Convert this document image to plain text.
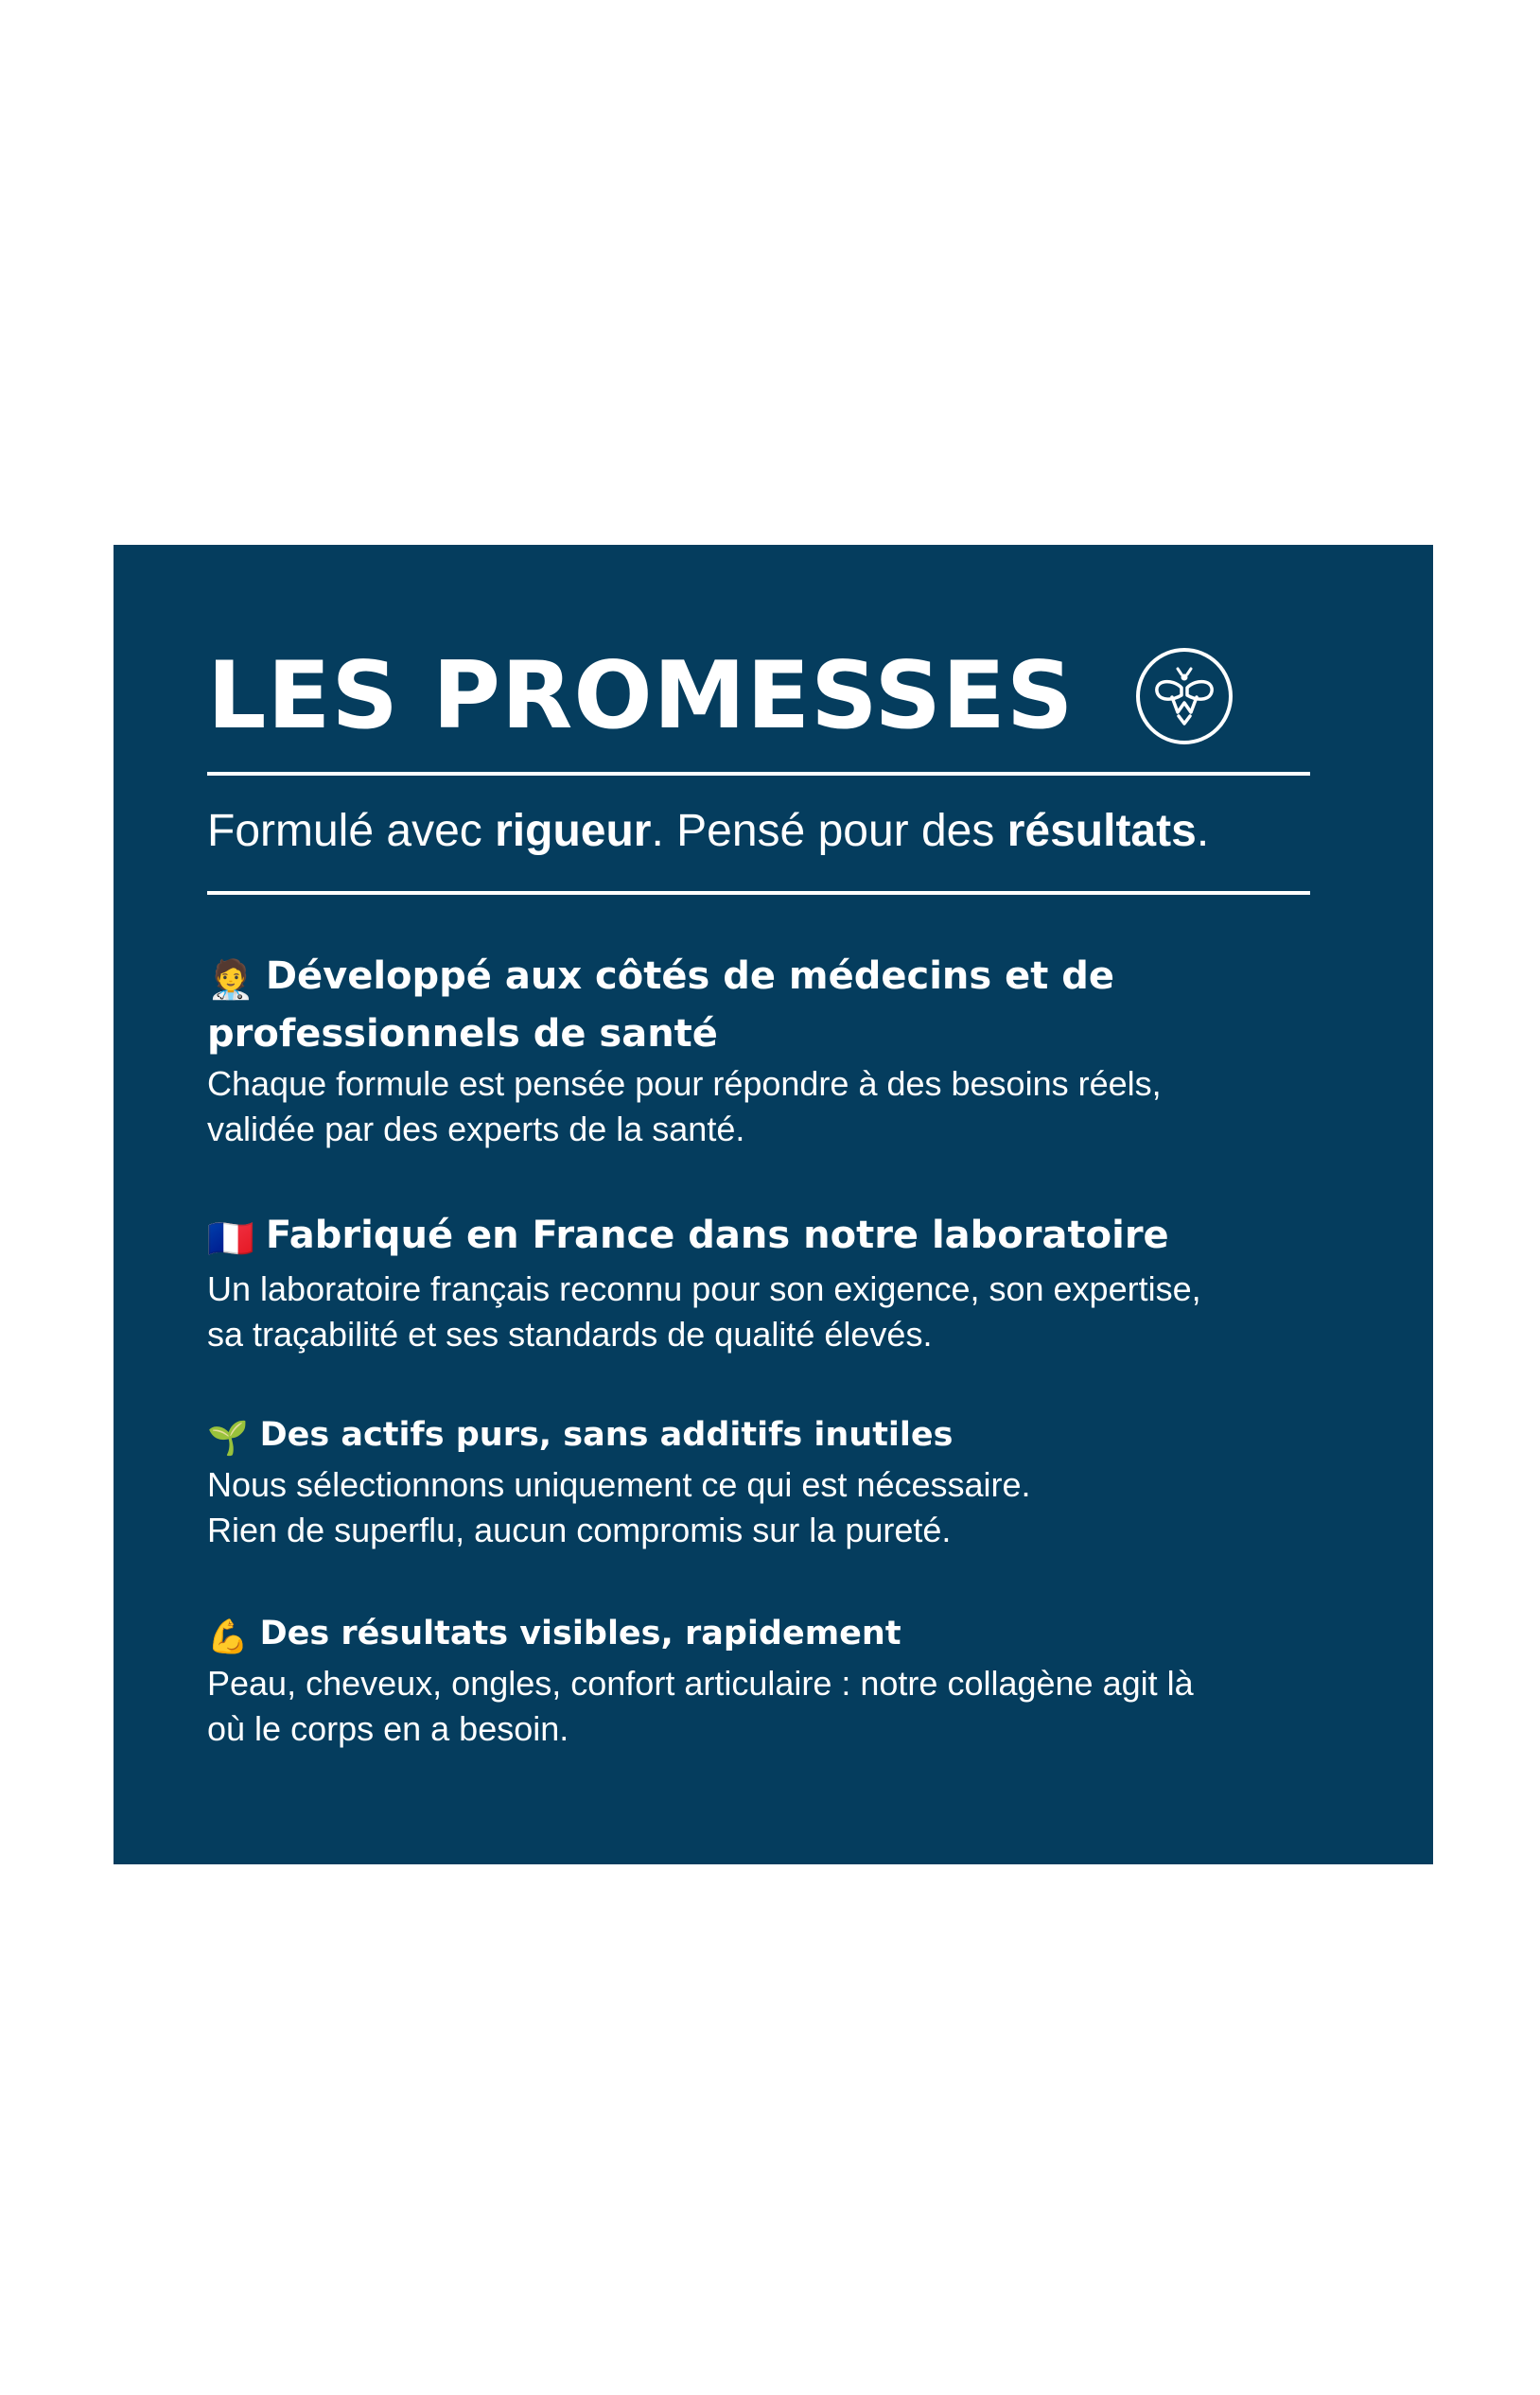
LES PROMESSES
Formulé avec rigueur. Pensé pour des résultats.
🧑‍⚕️ Développé aux côtés de médecins et de
professionnels de santé
Chaque formule est pensée pour répondre à des besoins réels,
validée par des experts de la santé.
🇫🇷 Fabriqué en France dans notre laboratoire
Un laboratoire français reconnu pour son exigence, son expertise,
sa traçabilité et ses standards de qualité élevés.
🌱 Des actifs purs, sans additifs inutiles
Nous sélectionnons uniquement ce qui est nécessaire.
Rien de superflu, aucun compromis sur la pureté.
💪 Des résultats visibles, rapidement
Peau, cheveux, ongles, confort articulaire : notre collagène agit là
où le corps en a besoin.
